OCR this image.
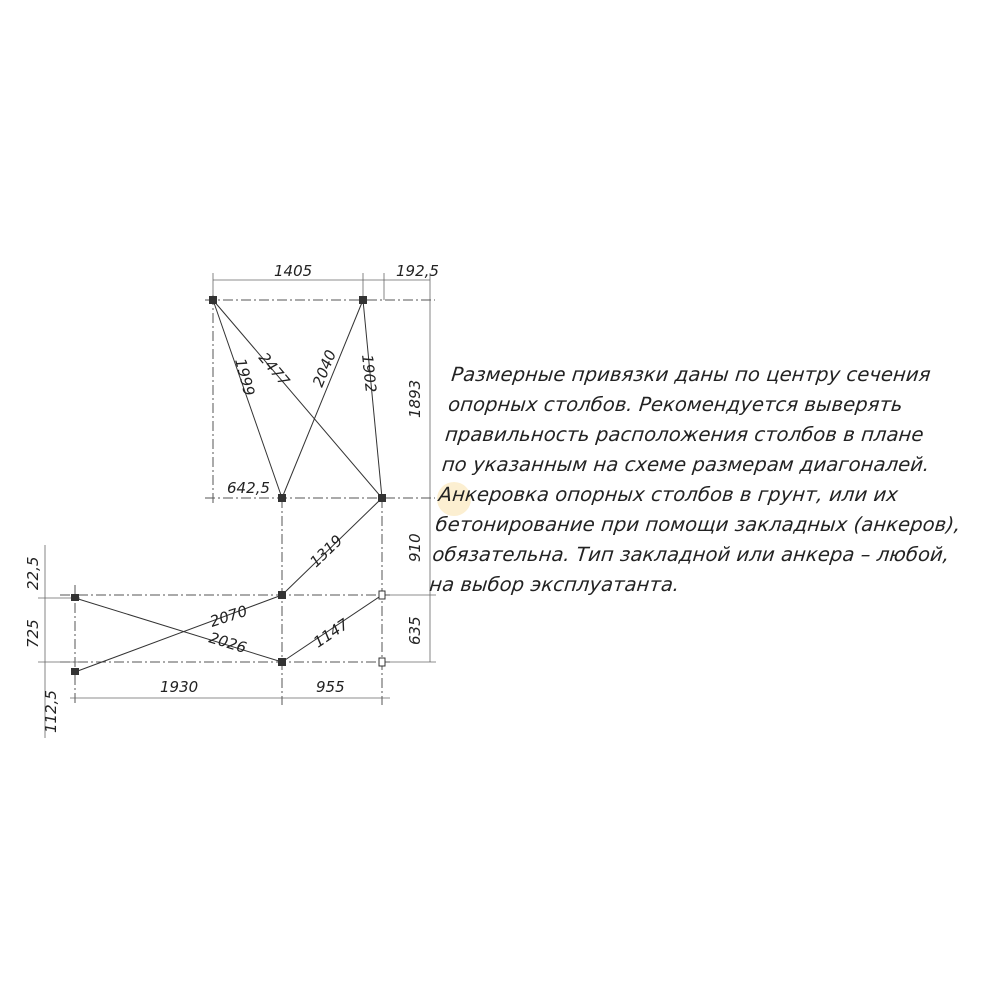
1405	192,5
1999
2477 2040 1902
1893
642,5
1319	910
22,5
2070
2026	1147
725	635
1930	955
112,5
Размерные привязки даны по центру сечения
опорных столбов. Рекомендуется выверять
правильность расположения столбов в плане
по указанным на схеме размерам диагоналей.
Анкеровка опорных столбов в грунт, или их
бетонирование при помощи закладных (анкеров),
обязательна. Тип закладной или анкера – любой,
на выбор эксплуатанта.
